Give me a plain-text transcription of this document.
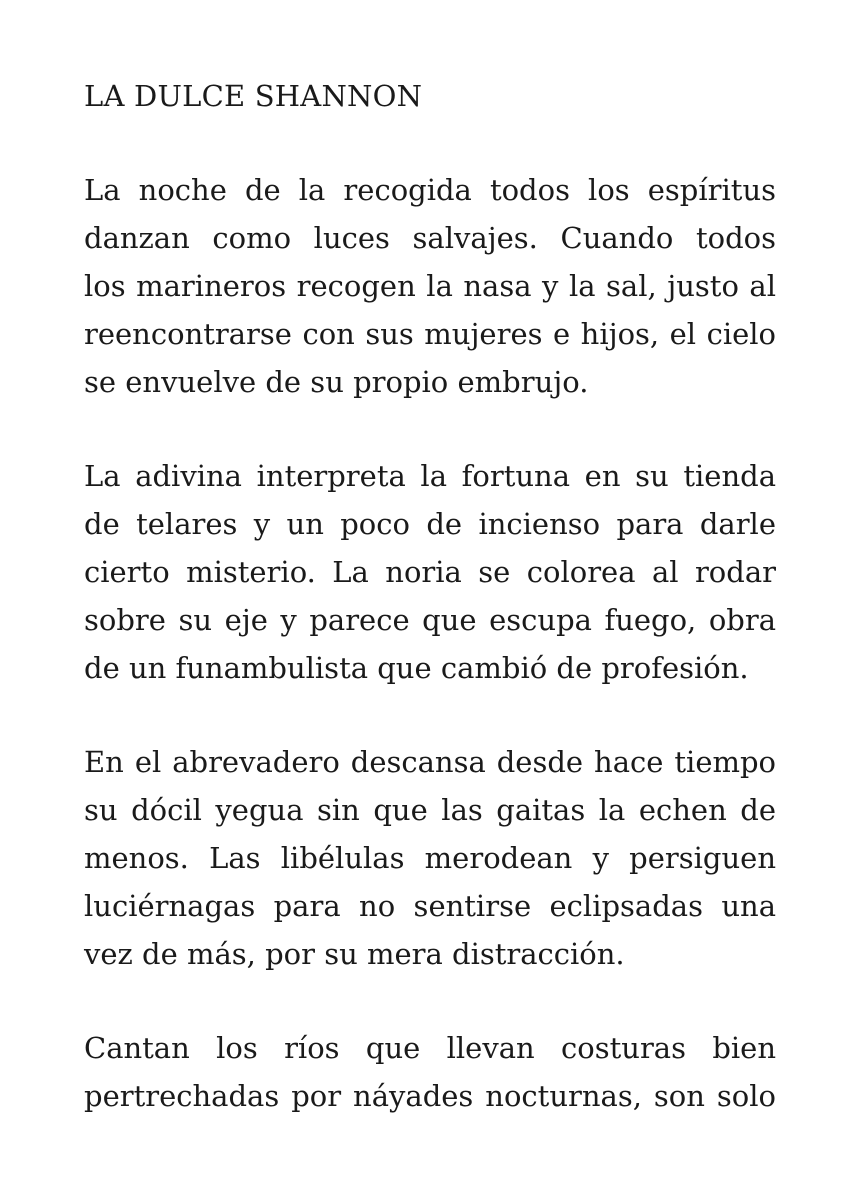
LA DULCE SHANNON
La noche de la recogida todos los espíritus
danzan como luces salvajes. Cuando todos
los marineros recogen la nasa y la sal, justo al
reencontrarse con sus mujeres e hijos, el cielo
se envuelve de su propio embrujo.
La adivina interpreta la fortuna en su tienda
de telares y un poco de incienso para darle
cierto misterio. La noria se colorea al rodar
sobre su eje y parece que escupa fuego, obra
de un funambulista que cambió de profesión.
En el abrevadero descansa desde hace tiempo
su dócil yegua sin que las gaitas la echen de
menos. Las libélulas merodean y persiguen
luciérnagas para no sentirse eclipsadas una
vez de más, por su mera distracción.
Cantan los ríos que llevan costuras bien
pertrechadas por náyades nocturnas, son solo
